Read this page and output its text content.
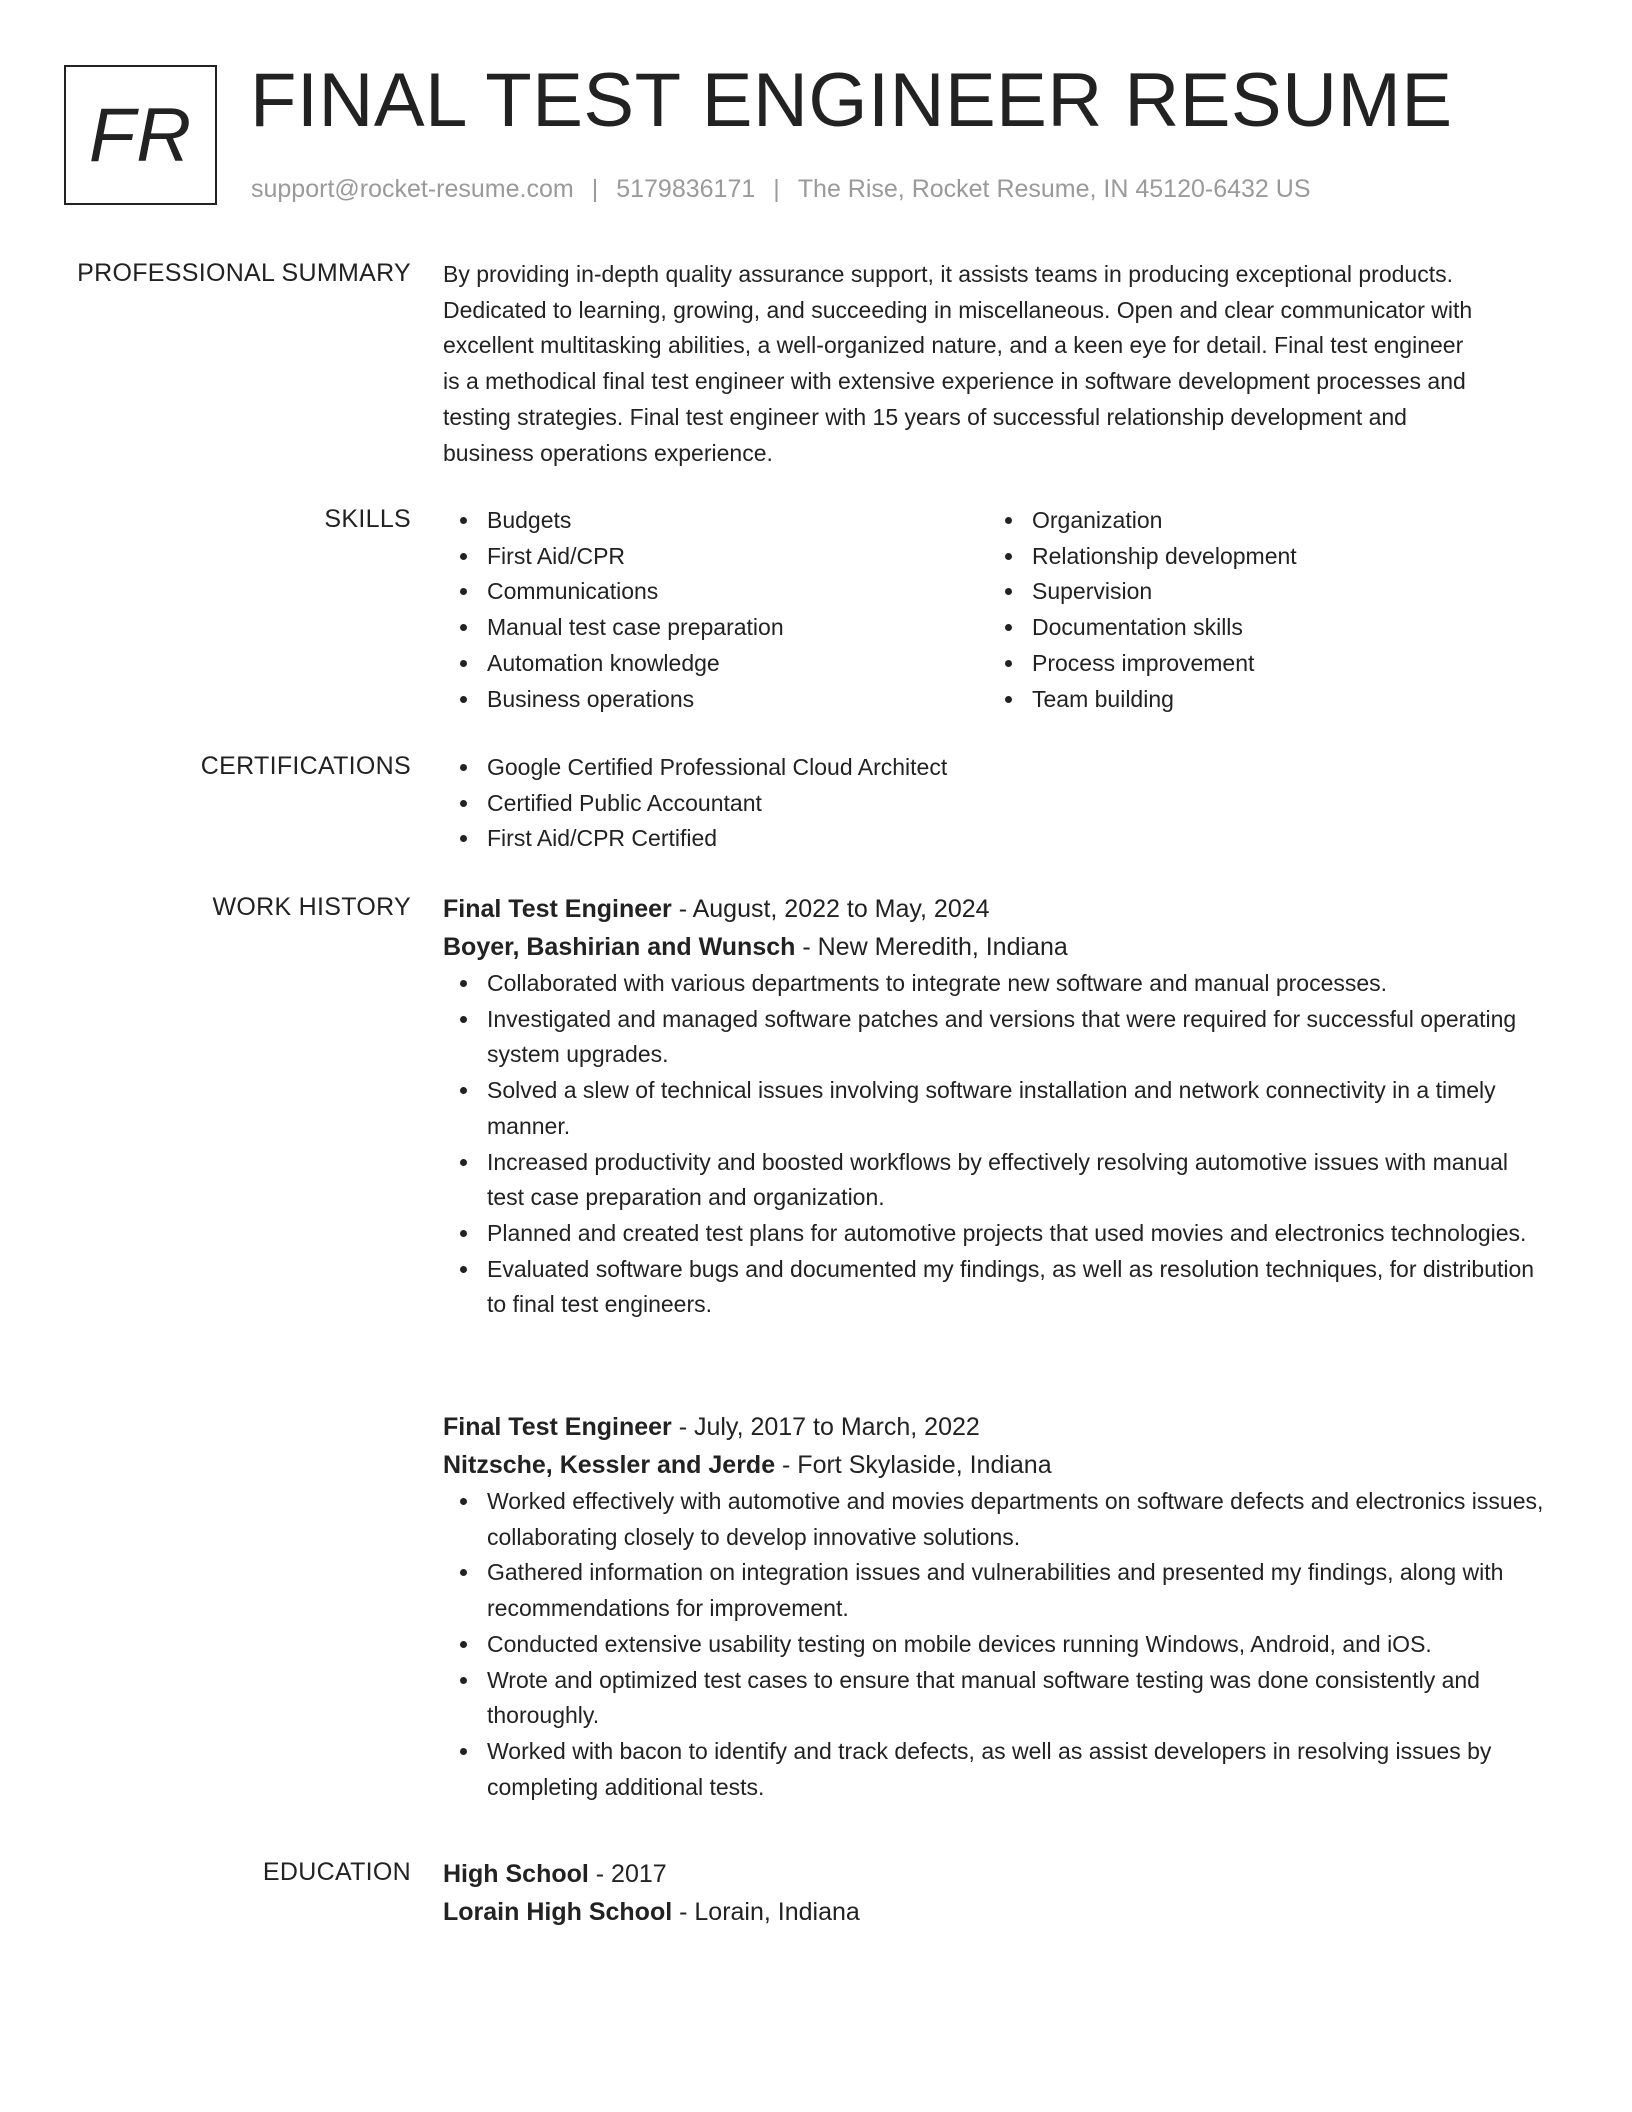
FR FINAL TEST ENGINEER RESUME
support@rocket-resume.com | 5179836171 | The Rise, Rocket Resume, IN 45120-6432 US
PROFESSIONAL SUMMARY By providing in-depth quality assurance support, it assists teams in producing exceptional products.
Dedicated to learning, growing, and succeeding in miscellaneous. Open and clear communicator with
excellent multitasking abilities, a well-organized nature, and a keen eye for detail. Final test engineer
is a methodical final test engineer with extensive experience in software development processes and
testing strategies. Final test engineer with 15 years of successful relationship development and
business operations experience.

SKILLS	Budgets
First Aid/CPR
Communications
Manual test case preparation
Automation knowledge
Business operations
Organization
Relationship development
Supervision
Documentation skills
Process improvement
Team building
CERTIFICATIONS	Google Certified Professional Cloud Architect
Certified Public Accountant
First Aid/CPR Certified
WORK HISTORY Final Test Engineer - August, 2022 to May, 2024
Boyer, Bashirian and Wunsch - New Meredith, Indiana
Collaborated with various departments to integrate new software and manual processes.
Investigated and managed software patches and versions that were required for successful operating system upgrades.
Solved a slew of technical issues involving software installation and network connectivity in a timely manner.
Increased productivity and boosted workflows by effectively resolving automotive issues with manual test case preparation and organization.
Planned and created test plans for automotive projects that used movies and electronics technologies.
Evaluated software bugs and documented my findings, as well as resolution techniques, for distribution to final test engineers.
Final Test Engineer - July, 2017 to March, 2022
Nitzsche, Kessler and Jerde - Fort Skylaside, Indiana
Worked effectively with automotive and movies departments on software defects and electronics issues, collaborating closely to develop innovative solutions.
Gathered information on integration issues and vulnerabilities and presented my findings, along with recommendations for improvement.
Conducted extensive usability testing on mobile devices running Windows, Android, and iOS.
Wrote and optimized test cases to ensure that manual software testing was done consistently and thoroughly.
Worked with bacon to identify and track defects, as well as assist developers in resolving issues by completing additional tests.
EDUCATION High School - 2017
Lorain High School - Lorain, Indiana
